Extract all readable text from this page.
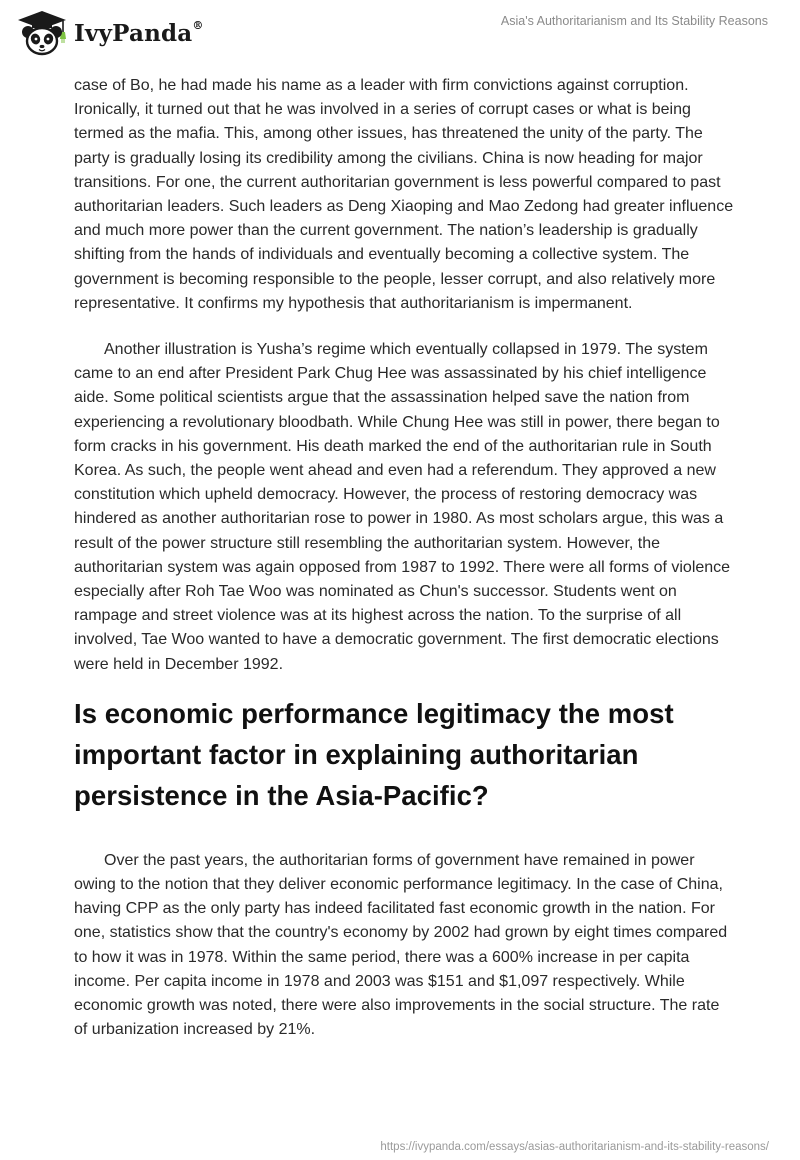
IvyPanda®	Asia's Authoritarianism and Its Stability Reasons

case of Bo, he had made his name as a leader with firm convictions against corruption. Ironically, it turned out that he was involved in a series of corrupt cases or what is being termed as the mafia. This, among other issues, has threatened the unity of the party. The party is gradually losing its credibility among the civilians. China is now heading for major transitions. For one, the current authoritarian government is less powerful compared to past authoritarian leaders. Such leaders as Deng Xiaoping and Mao Zedong had greater influence and much more power than the current government. The nation’s leadership is gradually shifting from the hands of individuals and eventually becoming a collective system. The government is becoming responsible to the people, lesser corrupt, and also relatively more representative. It confirms my hypothesis that authoritarianism is impermanent.

Another illustration is Yusha’s regime which eventually collapsed in 1979. The system came to an end after President Park Chug Hee was assassinated by his chief intelligence aide. Some political scientists argue that the assassination helped save the nation from experiencing a revolutionary bloodbath. While Chung Hee was still in power, there began to form cracks in his government. His death marked the end of the authoritarian rule in South Korea. As such, the people went ahead and even had a referendum. They approved a new constitution which upheld democracy. However, the process of restoring democracy was hindered as another authoritarian rose to power in 1980. As most scholars argue, this was a result of the power structure still resembling the authoritarian system. However, the authoritarian system was again opposed from 1987 to 1992. There were all forms of violence especially after Roh Tae Woo was nominated as Chun's successor. Students went on rampage and street violence was at its highest across the nation. To the surprise of all involved, Tae Woo wanted to have a democratic government. The first democratic elections were held in December 1992.

Is economic performance legitimacy the most important factor in explaining authoritarian persistence in the Asia-Pacific?

Over the past years, the authoritarian forms of government have remained in power owing to the notion that they deliver economic performance legitimacy. In the case of China, having CPP as the only party has indeed facilitated fast economic growth in the nation. For one, statistics show that the country's economy by 2002 had grown by eight times compared to how it was in 1978. Within the same period, there was a 600% increase in per capita income. Per capita income in 1978 and 2003 was $151 and $1,097 respectively. While economic growth was noted, there were also improvements in the social structure. The rate of urbanization increased by 21%.

https://ivypanda.com/essays/asias-authoritarianism-and-its-stability-reasons/
